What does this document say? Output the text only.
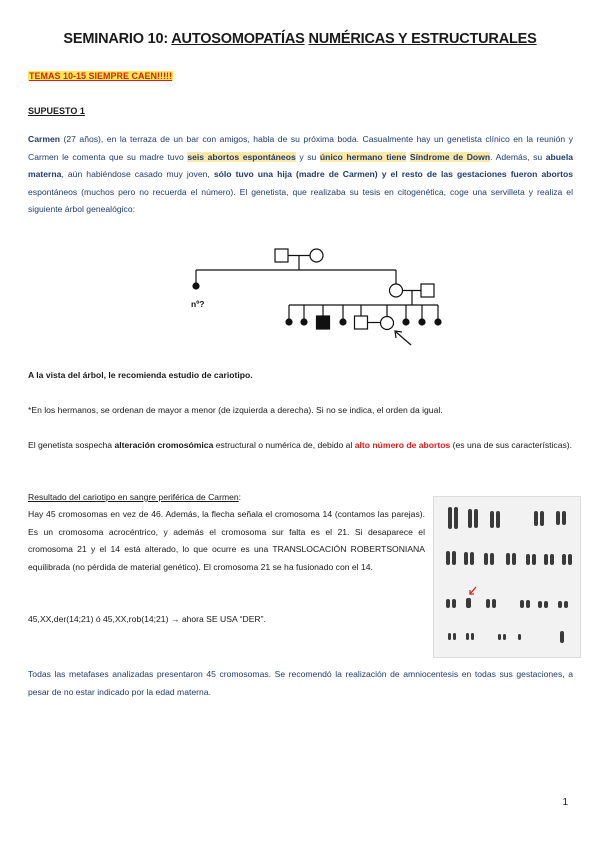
SEMINARIO 10: AUTOSOMOPATÍAS NUMÉRICAS Y ESTRUCTURALES
TEMAS 10-15 SIEMPRE CAEN!!!!!
SUPUESTO 1
Carmen (27 años), en la terraza de un bar con amigos, habla de su próxima boda. Casualmente hay un genetista clínico en la reunión y Carmen le comenta que su madre tuvo seis abortos espontáneos y su único hermano tiene Síndrome de Down. Además, su abuela materna, aún habiéndose casado muy joven, sólo tuvo una hija (madre de Carmen) y el resto de las gestaciones fueron abortos espontáneos (muchos pero no recuerda el número). El genetista, que realizaba su tesis en citogenética, coge una servilleta y realiza el siguiente árbol genealógico:
nº?
A la vista del árbol, le recomienda estudio de cariotipo.
*En los hermanos, se ordenan de mayor a menor (de izquierda a derecha). Si no se indica, el orden da igual.
El genetista sospecha alteración cromosómica estructural o numérica de, debido al alto número de abortos (es una de sus características).
Resultado del cariotipo en sangre periférica de Carmen:
Hay 45 cromosomas en vez de 46. Además, la flecha señala el cromosoma 14 (contamos las parejas). Es un cromosoma acrocéntrico, y además el cromosoma sur falta es el 21. Si desaparece el cromosoma 21 y el 14 está alterado, lo que ocurre es una TRANSLOCACIÓN ROBERTSONIANA equilibrada (no pérdida de material genético). El cromosoma 21 se ha fusionado con el 14.
45,XX,der(14;21) ó 45,XX,rob(14;21) → ahora SE USA “DER”.
Todas las metafases analizadas presentaron 45 cromosomas. Se recomendó la realización de amniocentesis en todas sus gestaciones, a pesar de no estar indicado por la edad materna.
1
